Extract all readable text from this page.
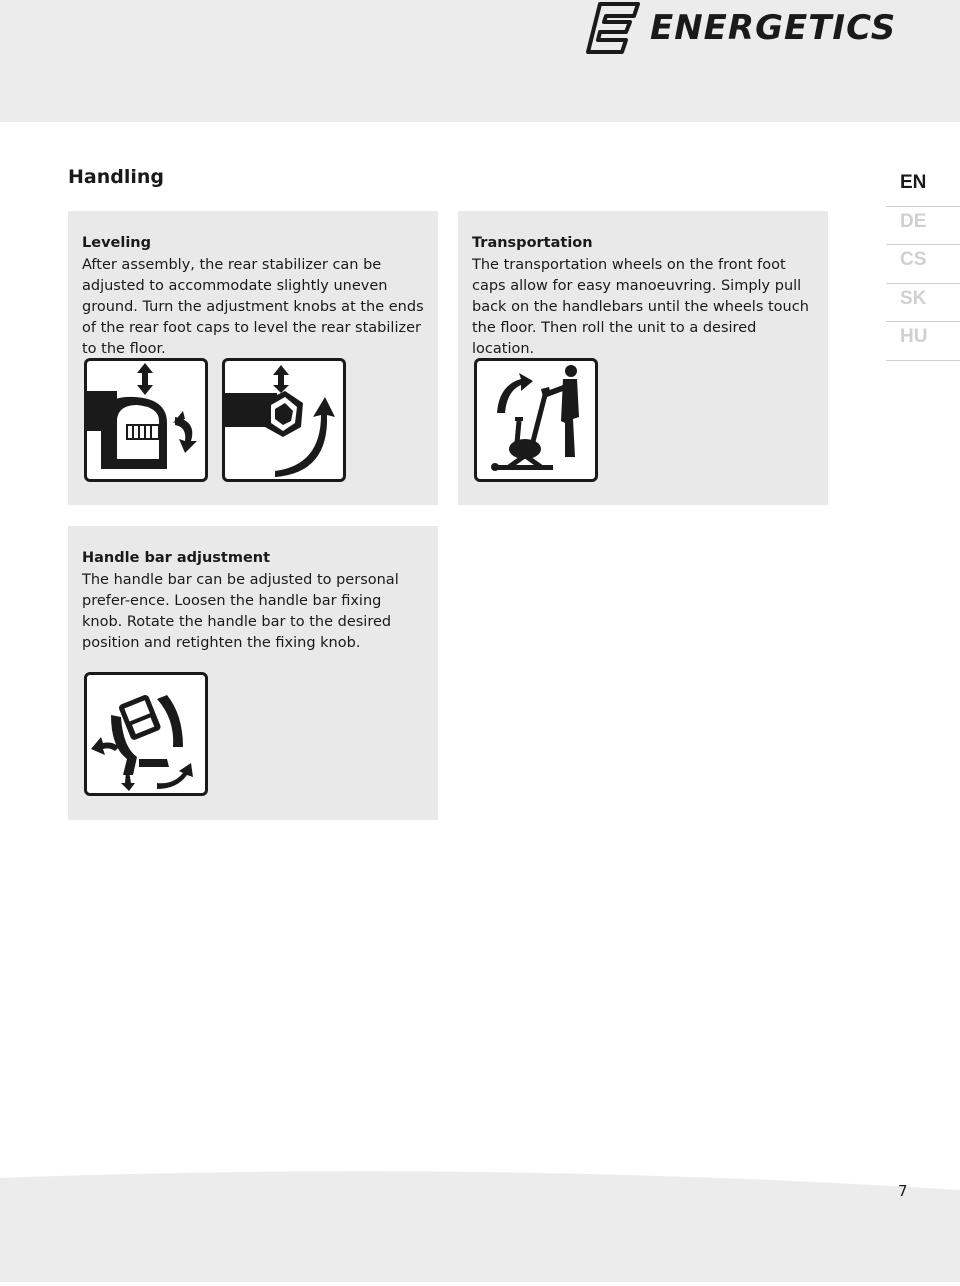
ENERGETICS
Handling	EN
DE
CS
SK
HU
Leveling

After assembly, the rear stabilizer can be adjusted to accommodate slightly uneven ground. Turn the adjustment knobs at the ends of the rear foot caps to level the rear stabilizer to the floor.

Transportation

The transportation wheels on the front foot caps allow for easy manoeuvring. Simply pull back on the handlebars until the wheels touch the floor. Then roll the unit to a desired location.

Handle bar adjustment

The handle bar can be adjusted to personal prefer-ence. Loosen the handle bar fixing knob. Rotate the handle bar to the desired position and retighten the fixing knob.

7
